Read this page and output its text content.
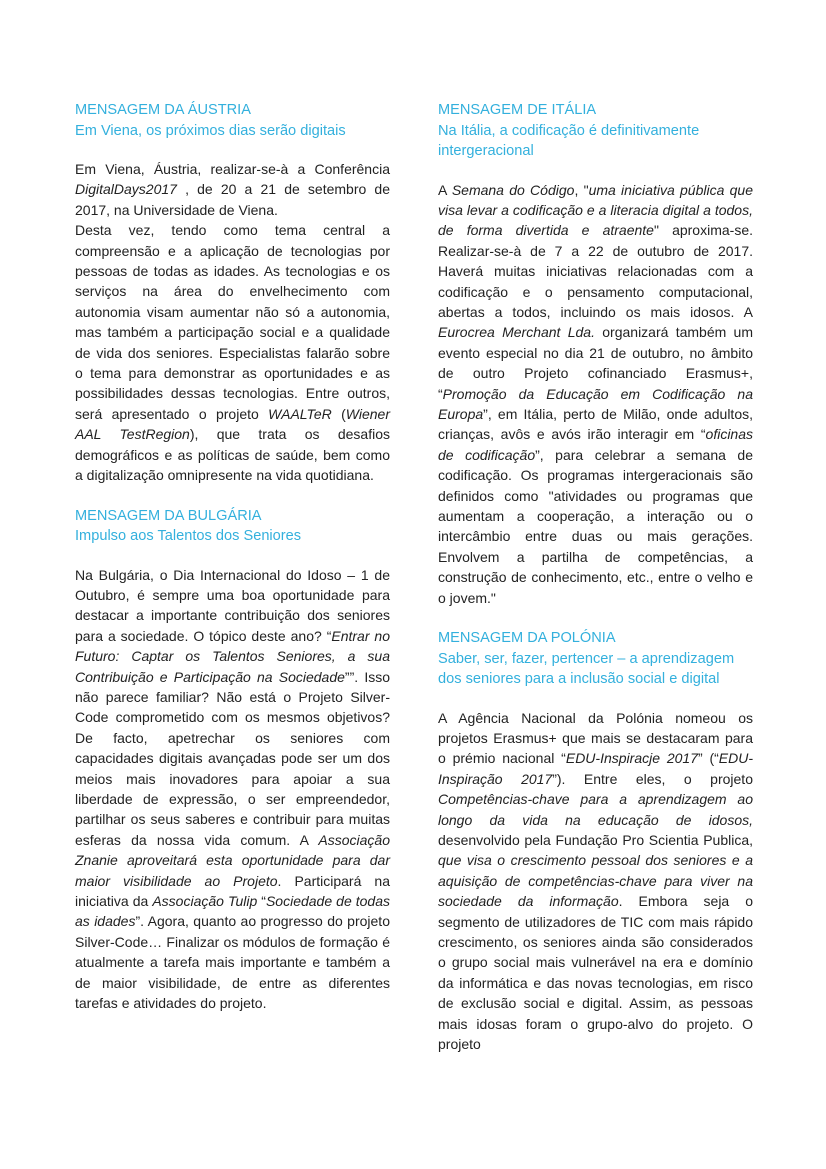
MENSAGEM DA ÁUSTRIA
Em Viena, os próximos dias serão digitais

Em Viena, Áustria, realizar-se-à a Conferência DigitalDays2017 , de 20 a 21 de setembro de 2017, na Universidade de Viena.

Desta vez, tendo como tema central a compreensão e a aplicação de tecnologias por pessoas de todas as idades. As tecnologias e os serviços na área do envelhecimento com autonomia visam aumentar não só a autonomia, mas também a participação social e a qualidade de vida dos seniores. Especialistas falarão sobre o tema para demonstrar as oportunidades e as possibilidades dessas tecnologias. Entre outros, será apresentado o projeto WAALTeR (Wiener AAL TestRegion), que trata os desafios demográficos e as políticas de saúde, bem como a digitalização omnipresente na vida quotidiana.

MENSAGEM DA BULGÁRIA
Impulso aos Talentos dos Seniores

Na Bulgária, o Dia Internacional do Idoso – 1 de Outubro, é sempre uma boa oportunidade para destacar a importante contribuição dos seniores para a sociedade. O tópico deste ano? “Entrar no Futuro: Captar os Talentos Seniores, a sua Contribuição e Participação na Sociedade””. Isso não parece familiar? Não está o Projeto Silver-Code comprometido com os mesmos objetivos? De facto, apetrechar os seniores com capacidades digitais avançadas pode ser um dos meios mais inovadores para apoiar a sua liberdade de expressão, o ser empreendedor, partilhar os seus saberes e contribuir para muitas esferas da nossa vida comum. A Associação Znanie aproveitará esta oportunidade para dar maior visibilidade ao Projeto. Participará na iniciativa da Associação Tulip “Sociedade de todas as idades”. Agora, quanto ao progresso do projeto Silver-Code… Finalizar os módulos de formação é atualmente a tarefa mais importante e também a de maior visibilidade, de entre as diferentes tarefas e atividades do projeto.

MENSAGEM DE ITÁLIA
Na Itália, a codificação é definitivamente intergeracional

A Semana do Código, "uma iniciativa pública que visa levar a codificação e a literacia digital a todos, de forma divertida e atraente" aproxima-se. Realizar-se-à de 7 a 22 de outubro de 2017. Haverá muitas iniciativas relacionadas com a codificação e o pensamento computacional, abertas a todos, incluindo os mais idosos. A Eurocrea Merchant Lda. organizará também um evento especial no dia 21 de outubro, no âmbito de outro Projeto cofinanciado Erasmus+, “Promoção da Educação em Codificação na Europa”, em Itália, perto de Milão, onde adultos, crianças, avôs e avós irão interagir em “oficinas de codificação”, para celebrar a semana de codificação. Os programas intergeracionais são definidos como "atividades ou programas que aumentam a cooperação, a interação ou o intercâmbio entre duas ou mais gerações. Envolvem a partilha de competências, a construção de conhecimento, etc., entre o velho e o jovem."

MENSAGEM DA POLÓNIA
Saber, ser, fazer, pertencer – a aprendizagem dos seniores para a inclusão social e digital

A Agência Nacional da Polónia nomeou os projetos Erasmus+ que mais se destacaram para o prémio nacional “EDU-Inspiracje 2017” (“EDU-Inspiração 2017”). Entre eles, o projeto Competências-chave para a aprendizagem ao longo da vida na educação de idosos, desenvolvido pela Fundação Pro Scientia Publica, que visa o crescimento pessoal dos seniores e a aquisição de competências-chave para viver na sociedade da informação. Embora seja o segmento de utilizadores de TIC com mais rápido crescimento, os seniores ainda são considerados o grupo social mais vulnerável na era e domínio da informática e das novas tecnologias, em risco de exclusão social e digital. Assim, as pessoas mais idosas foram o grupo-alvo do projeto. O projeto
